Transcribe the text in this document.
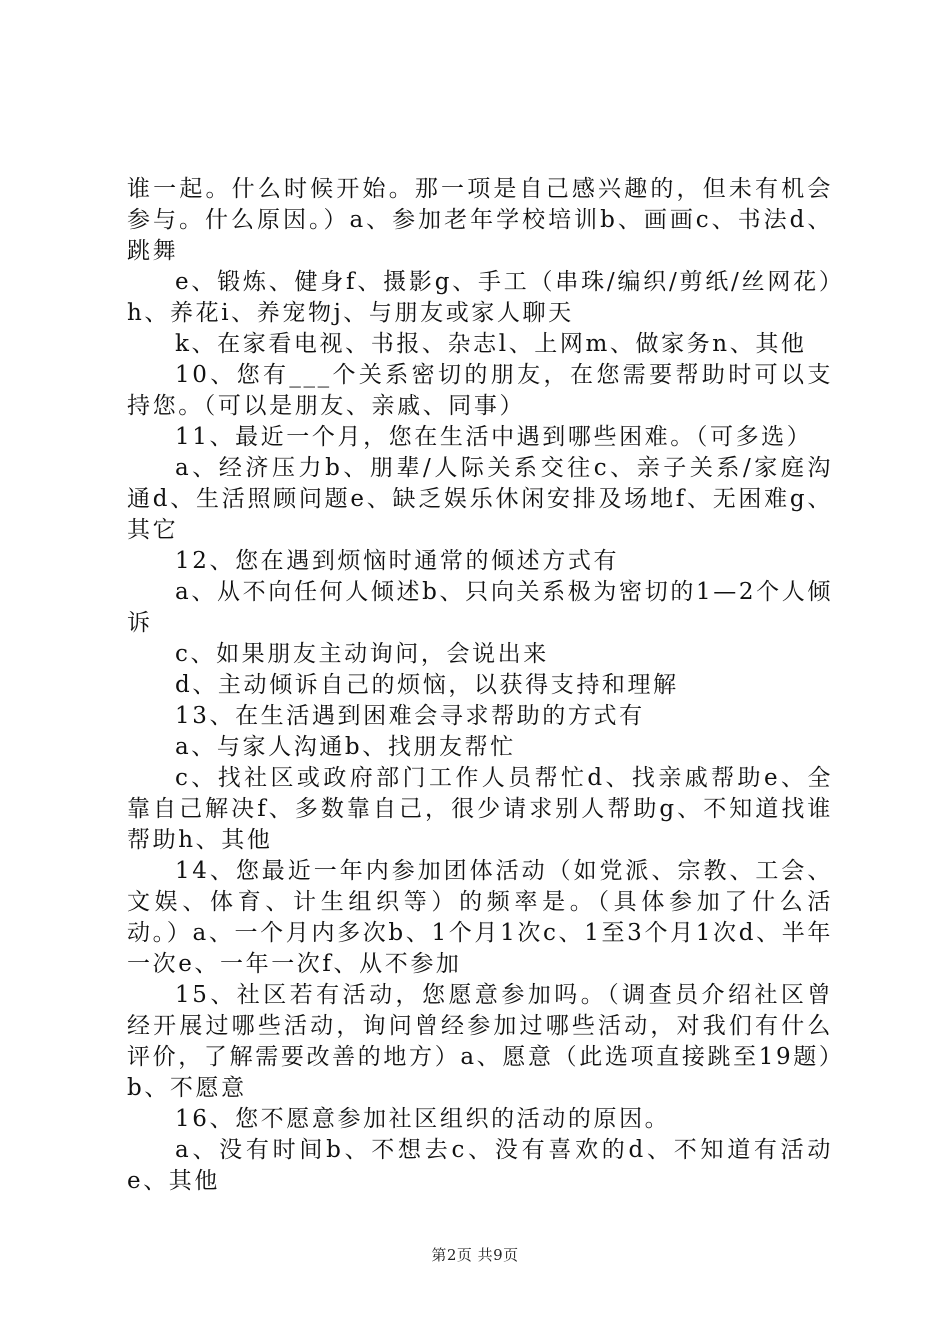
谁一起。什么时候开始。那一项是自己感兴趣的，但未有机会参与。什么原因。）a、参加老年学校培训b、画画c、书法d、跳舞

e、锻炼、健身f、摄影g、手工（串珠/编织/剪纸/丝网花）h、养花i、养宠物j、与朋友或家人聊天

k、在家看电视、书报、杂志l、上网m、做家务n、其他

10、您有___个关系密切的朋友，在您需要帮助时可以支持您。（可以是朋友、亲戚、同事）

11、最近一个月，您在生活中遇到哪些困难。（可多选）

a、经济压力b、朋辈/人际关系交往c、亲子关系/家庭沟通d、生活照顾问题e、缺乏娱乐休闲安排及场地f、无困难g、其它

12、您在遇到烦恼时通常的倾述方式有

a、从不向任何人倾述b、只向关系极为密切的1—2个人倾诉

c、如果朋友主动询问，会说出来

d、主动倾诉自己的烦恼，以获得支持和理解

13、在生活遇到困难会寻求帮助的方式有

a、与家人沟通b、找朋友帮忙

c、找社区或政府部门工作人员帮忙d、找亲戚帮助e、全靠自己解决f、多数靠自己，很少请求别人帮助g、不知道找谁帮助h、其他

14、您最近一年内参加团体活动（如党派、宗教、工会、文娱、体育、计生组织等）的频率是。（具体参加了什么活动。）a、一个月内多次b、1个月1次c、1至3个月1次d、半年一次e、一年一次f、从不参加

15、社区若有活动，您愿意参加吗。（调查员介绍社区曾经开展过哪些活动，询问曾经参加过哪些活动，对我们有什么评价，了解需要改善的地方）a、愿意（此选项直接跳至19题）b、不愿意

16、您不愿意参加社区组织的活动的原因。

a、没有时间b、不想去c、没有喜欢的d、不知道有活动e、其他

第2页 共9页
